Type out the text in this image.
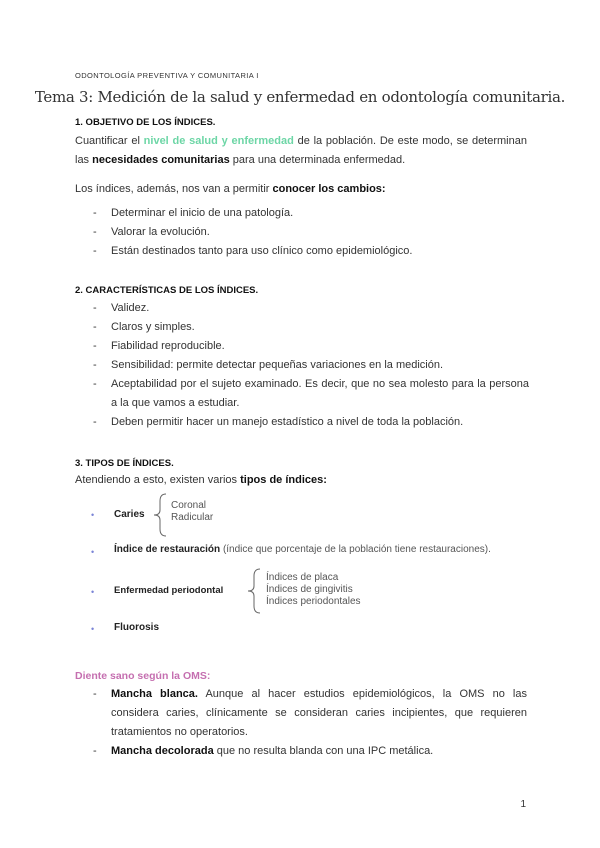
ODONTOLOGÍA PREVENTIVA Y COMUNITARIA I
Tema 3: Medición de la salud y enfermedad en odontología comunitaria.
1. OBJETIVO DE LOS ÍNDICES.
Cuantificar el nivel de salud y enfermedad de la población. De este modo, se determinan las necesidades comunitarias para una determinada enfermedad.
Los índices, además, nos van a permitir conocer los cambios:
- Determinar el inicio de una patología.
- Valorar la evolución.
- Están destinados tanto para uso clínico como epidemiológico.
2. CARACTERÍSTICAS DE LOS ÍNDICES.
- Validez.
- Claros y simples.
- Fiabilidad reproducible.
- Sensibilidad: permite detectar pequeñas variaciones en la medición.
- Aceptabilidad por el sujeto examinado. Es decir, que no sea molesto para la persona a la que vamos a estudiar.
- Deben permitir hacer un manejo estadístico a nivel de toda la población.
3. TIPOS DE ÍNDICES.
Atendiendo a esto, existen varios tipos de índices:
• Caries
Coronal
Radicular
• Índice de restauración (índice que porcentaje de la población tiene restauraciones).
• Enfermedad periodontal
Índices de placa
Índices de gingivitis
Índices periodontales
• Fluorosis
Diente sano según la OMS:
- Mancha blanca. Aunque al hacer estudios epidemiológicos, la OMS no las considera caries, clínicamente se consideran caries incipientes, que requieren tratamientos no operatorios.
- Mancha decolorada que no resulta blanda con una IPC metálica.
1
